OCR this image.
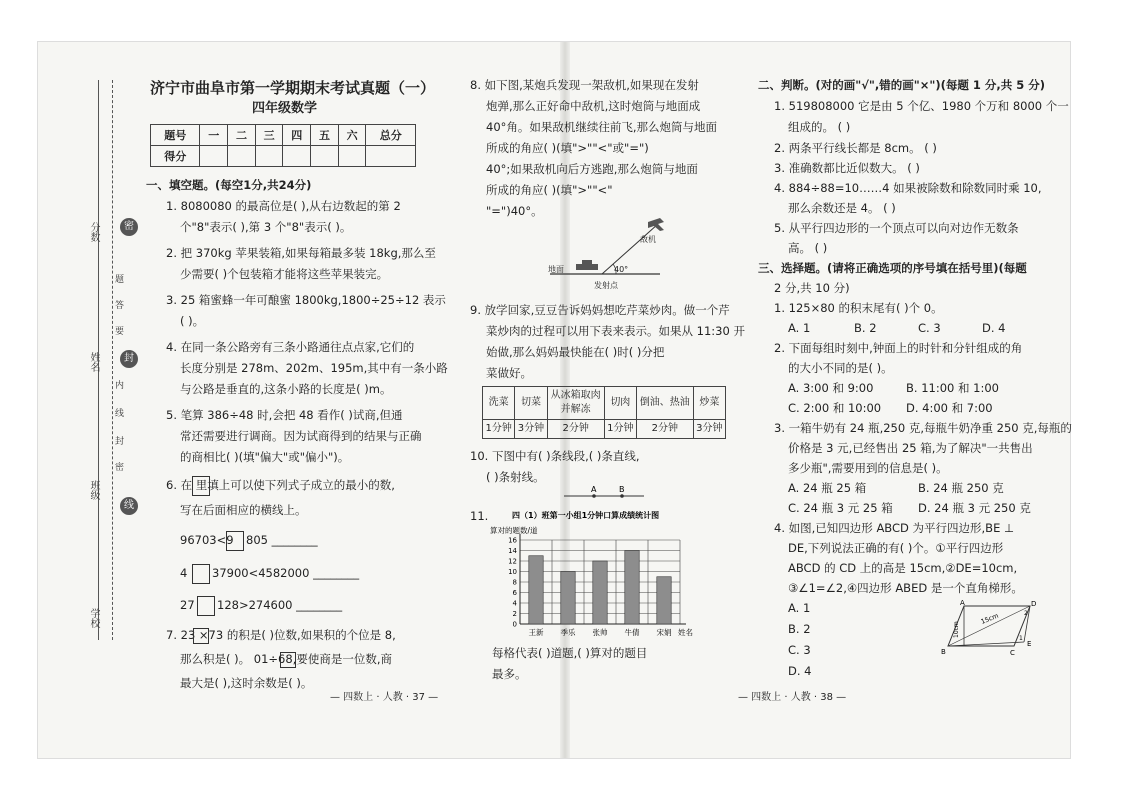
分数
姓名
班级
学校
密
封
线
题
答
要
内
线
封
密
济宁市曲阜市第一学期期末考试真题（一）
四年级数学
题号	一	二	三	四	五	六	总分
得分							
一、填空题。(每空1分,共24分)
1. 8080080 的最高位是( ),从右边数起的第 2
个"8"表示( ),第 3 个"8"表示( )。
2. 把 370kg 苹果装箱,如果每箱最多装 18kg,那么至
少需要( )个包装箱才能将这些苹果装完。
3. 25 箱蜜蜂一年可酿蜜 1800kg,1800÷25÷12 表示
( )。
4. 在同一条公路旁有三条小路通往点点家,它们的
长度分别是 278m、202m、195m,其中有一条小路
与公路是垂直的,这条小路的长度是( )m。
5. 笔算 386÷48 时,会把 48 看作( )试商,但通
常还需要进行调商。因为试商得到的结果与正确
的商相比( )(填"偏大"或"偏小")。
6. 在 里填上可以使下列式子成立的最小的数,
写在后面相应的横线上。
96703<9 805 ________
4 37900<4582000 ________
27 128>274600 ________
7. 23 ×73 的积是( )位数,如果积的个位是 8,
那么积是( )。 01÷68,要使商是一位数,商
最大是( ),这时余数是( )。
— 四数上 · 人教 · 37 —
8. 如下图,某炮兵发现一架敌机,如果现在发射
炮弹,那么正好命中敌机,这时炮筒与地面成
40°角。如果敌机继续往前飞,那么炮筒与地面
所成的角应( )(填">""<"或"=")
40°;如果敌机向后方逃跑,那么炮筒与地面
所成的角应( )(填">""<"
"=")40°。
敌机
地面	40°
发射点
9. 放学回家,豆豆告诉妈妈想吃芹菜炒肉。做一个芹
菜炒肉的过程可以用下表来表示。如果从 11:30 开
始做,那么妈妈最快能在( )时( )分把
菜做好。
洗菜	切菜	从冰箱取肉并解冻	切肉	倒油、热油	炒菜
1分钟	3分钟	2分钟	1分钟	2分钟	3分钟
10. 下图中有( )条线段,( )条直线,
( )条射线。
A	B
11.	四（1）班第一小组1分钟口算成绩统计图
算对的题数/道
姓名
0
2
4
6
8
10
12
14
16
王新 季乐 张帅 牛倩 宋娟
每格代表( )道题,( )算对的题目
最多。
二、判断。(对的画"√",错的画"×")(每题 1 分,共 5 分)
1. 519808000 它是由 5 个亿、1980 个万和 8000 个一
组成的。 ( )
2. 两条平行线长都是 8cm。 ( )
3. 准确数都比近似数大。 ( )
4. 884÷88=10……4 如果被除数和除数同时乘 10,
那么余数还是 4。 ( )
5. 从平行四边形的一个顶点可以向对边作无数条
高。 ( )
三、选择题。(请将正确选项的序号填在括号里)(每题
2 分,共 10 分)
1. 125×80 的积末尾有( )个 0。
A. 1	B. 2	C. 3	D. 4
2. 下面每组时刻中,钟面上的时针和分针组成的角
的大小不同的是( )。
A. 3:00 和 9:00	B. 11:00 和 1:00
C. 2:00 和 10:00 D. 4:00 和 7:00
3. 一箱牛奶有 24 瓶,250 克,每瓶牛奶净重 250 克,每瓶的
价格是 3 元,已经售出 25 箱,为了解决"一共售出
多少瓶",需要用到的信息是( )。
A. 24 瓶 25 箱	B. 24 瓶 250 克
C. 24 瓶 3 元 25 箱 D. 24 瓶 3 元 250 克
4. 如图,已知四边形 ABCD 为平行四边形,BE ⊥
DE,下列说法正确的有( )个。①平行四边形
ABCD 的 CD 上的高是 15cm,②DE=10cm,
③∠1=∠2,④四边形 ABED 是一个直角梯形。
A. 1
B. 2
C. 3
D. 4
A
B	C
D
E
2
1
15cm
10cm
— 四数上 · 人教 · 38 —
